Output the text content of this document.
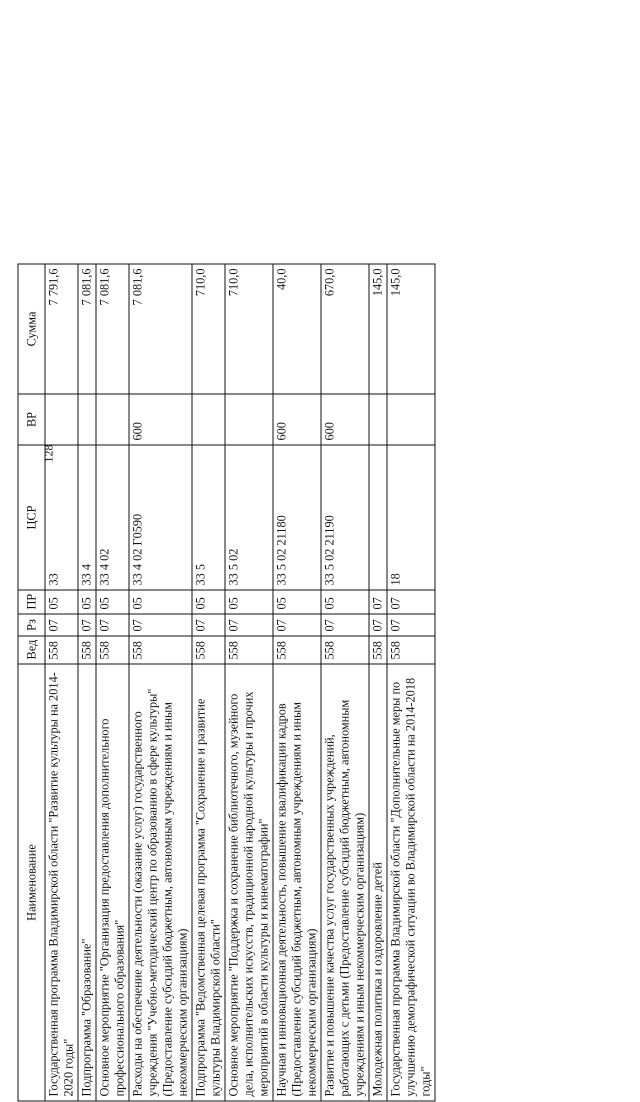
128
Наименование	Вед	Рз	ПР	ЦСР	ВР	Сумма
Государственная программа Владимирской области "Развитие культуры на 2014-2020 годы"	558	07	05	33		7 791,6
Подпрограмма "Образование"	558	07	05	33 4		7 081,6
Основное мероприятие "Организация предоставления дополнительного профессионального образования"	558	07	05	33 4 02		7 081,6
Расходы на обеспечение деятельности (оказание услуг) государственного учреждения "Учебно-методический центр по образованию в сфере культуры" (Предоставление субсидий бюджетным, автономным учреждениям и иным некоммерческим организациям)	558	07	05	33 4 02 Г0590	600	7 081,6
Подпрограмма "Ведомственная целевая программа "Сохранение и развитие культуры Владимирской области"	558	07	05	33 5		710,0
Основное мероприятие "Поддержка и сохранение библиотечного, музейного дела, исполнительских искусств, традиционной народной культуры и прочих мероприятий в области культуры и кинематографии"	558	07	05	33 5 02		710,0
Научная и инновационная деятельность, повышение квалификации кадров (Предоставление субсидий бюджетным, автономным учреждениям и иным некоммерческим организациям)	558	07	05	33 5 02 21180	600	40,0
Развитие и повышение качества услуг государственных учреждений, работающих с детьми (Предоставление субсидий бюджетным, автономным учреждениям и иным некоммерческим организациям)	558	07	05	33 5 02 21190	600	670,0
Молодежная политика и оздоровление детей	558	07	07			145,0
Государственная программа Владимирской области "Дополнительные меры по улучшению демографической ситуации во Владимирской области на 2014-2018 годы"	558	07	07	18		145,0
